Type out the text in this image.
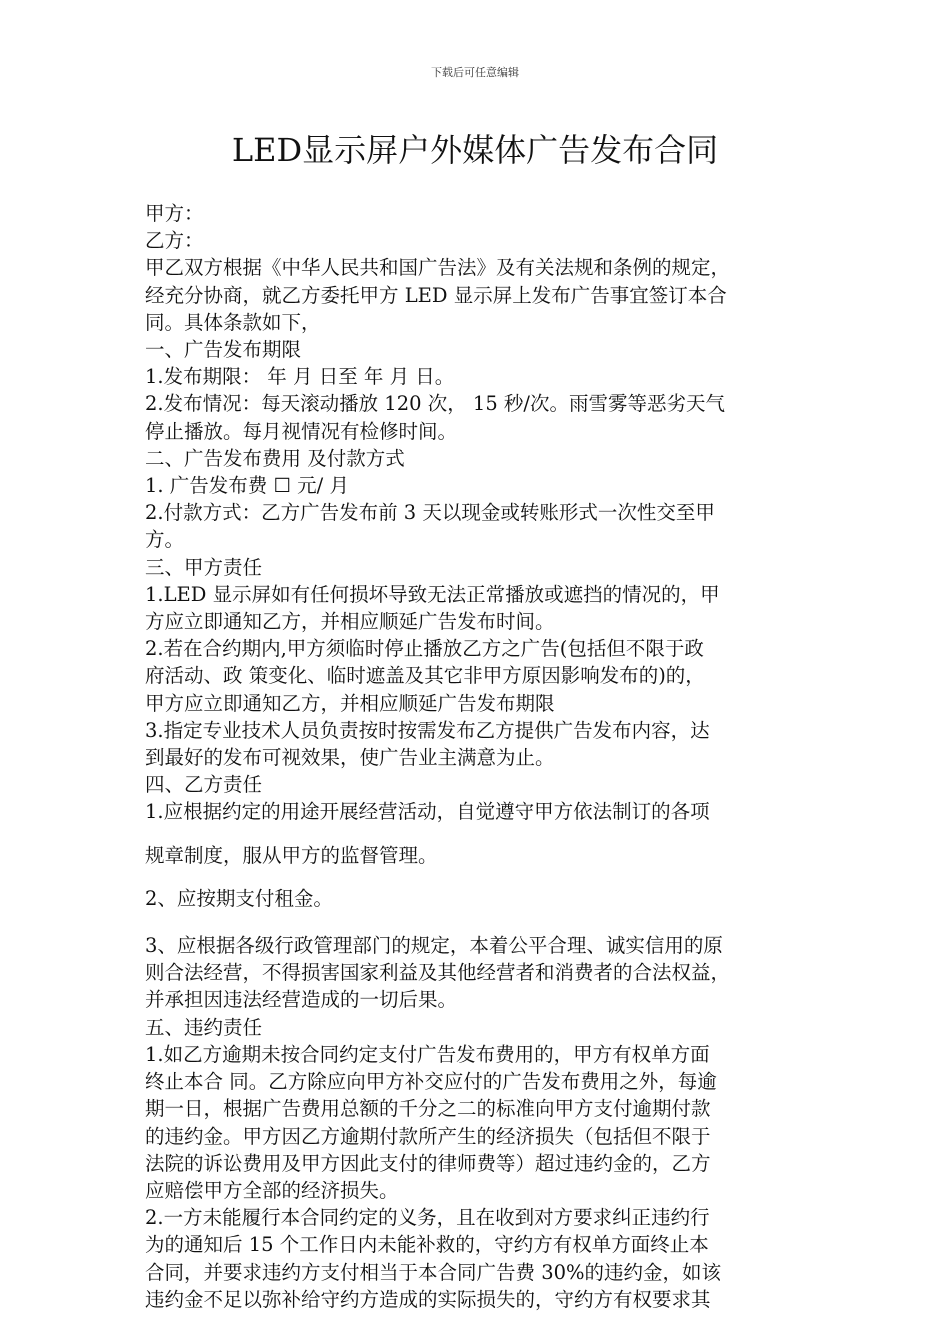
下载后可任意编辑
LED显示屏户外媒体广告发布合同
甲方：
乙方：
甲乙双方根据《中华人民共和国广告法》及有关法规和条例的规定，
经充分协商，就乙方委托甲方 LED 显示屏上发布广告事宜签订本合
同。具体条款如下，
一、广告发布期限
1.发布期限： 年 月 日至 年 月 日。
2.发布情况：每天滚动播放 120 次， 15 秒/次。雨雪雾等恶劣天气
停止播放。每月视情况有检修时间。
二、广告发布费用 及付款方式
1. 广告发布费 ☐ 元/ 月
2.付款方式：乙方广告发布前 3 天以现金或转账形式一次性交至甲
方。
三、甲方责任
1.LED 显示屏如有任何损坏导致无法正常播放或遮挡的情况的，甲
方应立即通知乙方，并相应顺延广告发布时间。
2.若在合约期内,甲方须临时停止播放乙方之广告(包括但不限于政
府活动、政 策变化、临时遮盖及其它非甲方原因影响发布的)的，
甲方应立即通知乙方，并相应顺延广告发布期限
3.指定专业技术人员负责按时按需发布乙方提供广告发布内容，达
到最好的发布可视效果，使广告业主满意为止。
四、乙方责任
1.应根据约定的用途开展经营活动，自觉遵守甲方依法制订的各项
规章制度，服从甲方的监督管理。
2、应按期支付租金。
3、应根据各级行政管理部门的规定，本着公平合理、诚实信用的原
则合法经营，不得损害国家利益及其他经营者和消费者的合法权益，
并承担因违法经营造成的一切后果。
五、违约责任
1.如乙方逾期未按合同约定支付广告发布费用的，甲方有权单方面
终止本合 同。乙方除应向甲方补交应付的广告发布费用之外，每逾
期一日，根据广告费用总额的千分之二的标准向甲方支付逾期付款
的违约金。甲方因乙方逾期付款所产生的经济损失（包括但不限于
法院的诉讼费用及甲方因此支付的律师费等）超过违约金的，乙方
应赔偿甲方全部的经济损失。
2.一方未能履行本合同约定的义务，且在收到对方要求纠正违约行
为的通知后 15 个工作日内未能补救的，守约方有权单方面终止本
合同，并要求违约方支付相当于本合同广告费 30%的违约金，如该
违约金不足以弥补给守约方造成的实际损失的，守约方有权要求其
